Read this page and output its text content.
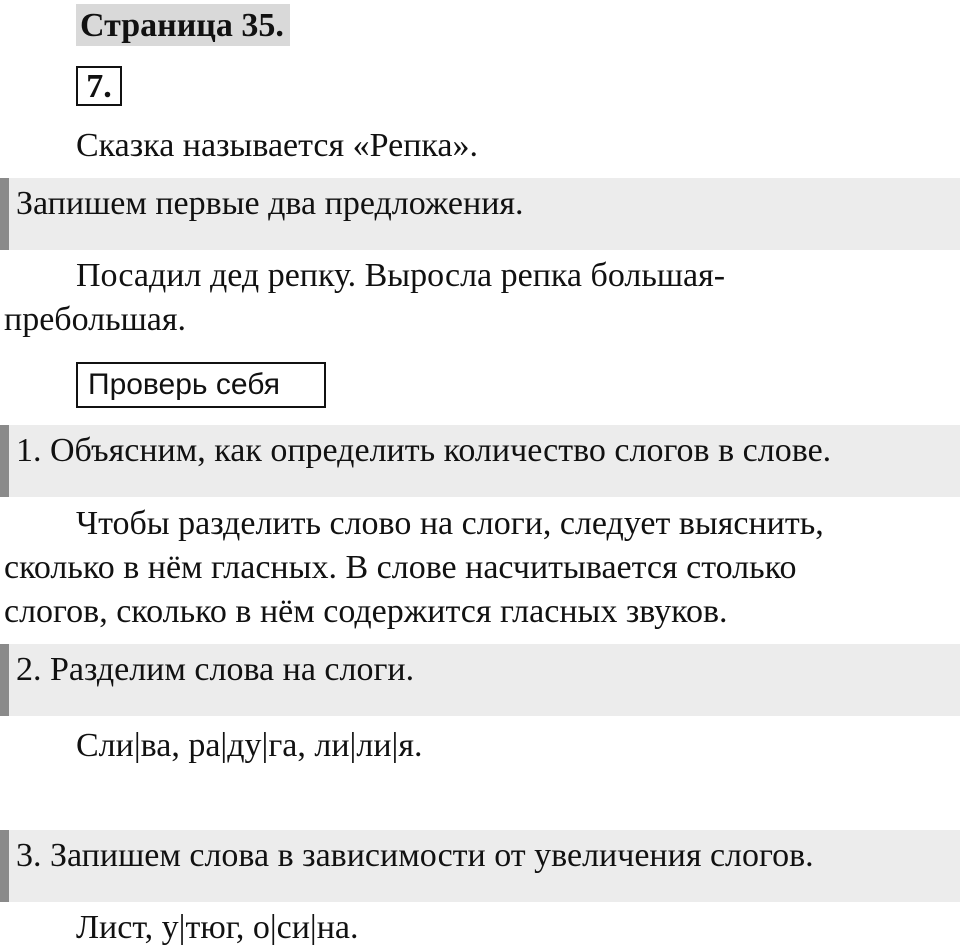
Страница 35.
7.
Сказка называется «Репка».
Запишем первые два предложения.
Посадил дед репку. Выросла репка большая-
пребольшая.
Проверь себя
1. Объясним, как определить количество слогов в слове.
Чтобы разделить слово на слоги, следует выяснить,
сколько в нём гласных. В слове насчитывается столько
слогов, сколько в нём содержится гласных звуков.
2. Разделим слова на слоги.
Сли|ва, ра|ду|га, ли|ли|я.
3. Запишем слова в зависимости от увеличения слогов.
Лист, у|тюг, о|си|на.
